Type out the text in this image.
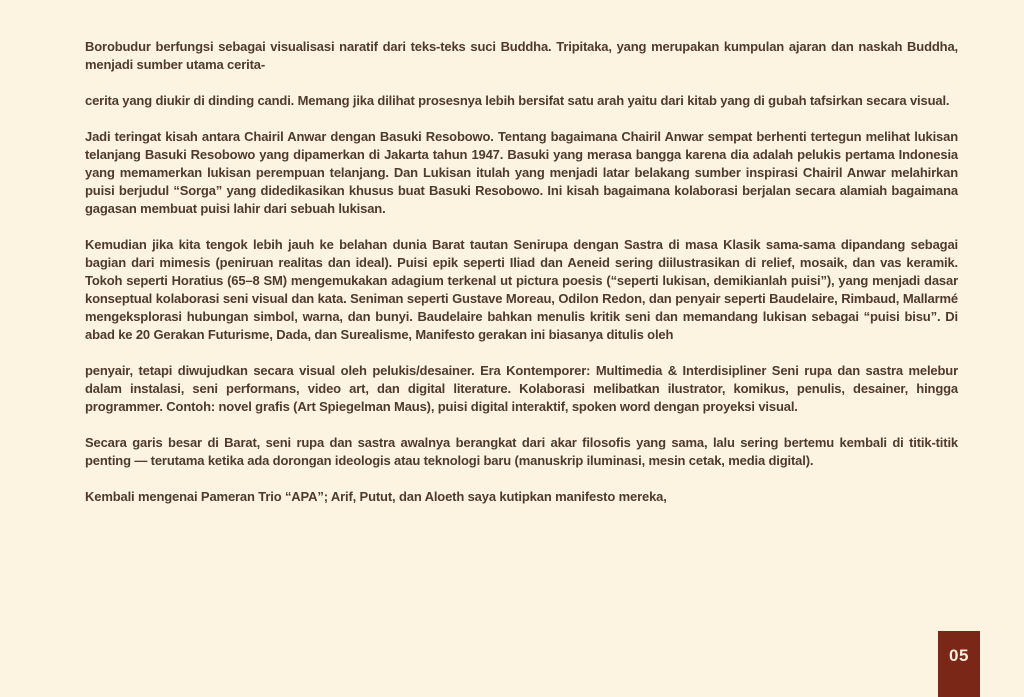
Borobudur berfungsi sebagai visualisasi naratif dari teks-teks suci Buddha. Tripitaka, yang merupakan kumpulan ajaran dan naskah Buddha, menjadi sumber utama cerita-

cerita yang diukir di dinding candi. Memang jika dilihat prosesnya lebih bersifat satu arah yaitu dari kitab yang di gubah tafsirkan secara visual.

Jadi teringat kisah antara Chairil Anwar dengan Basuki Resobowo. Tentang bagaimana Chairil Anwar sempat berhenti tertegun melihat lukisan telanjang Basuki Resobowo yang dipamerkan di Jakarta tahun 1947. Basuki yang merasa bangga karena dia adalah pelukis pertama Indonesia yang memamerkan lukisan perempuan telanjang. Dan Lukisan itulah yang menjadi latar belakang sumber inspirasi Chairil Anwar melahirkan puisi berjudul “Sorga” yang didedikasikan khusus buat Basuki Resobowo. Ini kisah bagaimana kolaborasi berjalan secara alamiah bagaimana gagasan membuat puisi lahir dari sebuah lukisan.

Kemudian jika kita tengok lebih jauh ke belahan dunia Barat tautan Senirupa dengan Sastra di masa Klasik sama-sama dipandang sebagai bagian dari mimesis (peniruan realitas dan ideal). Puisi epik seperti Iliad dan Aeneid sering diilustrasikan di relief, mosaik, dan vas keramik. Tokoh seperti Horatius (65–8 SM) mengemukakan adagium terkenal ut pictura poesis (“seperti lukisan, demikianlah puisi”), yang menjadi dasar konseptual kolaborasi seni visual dan kata. Seniman seperti Gustave Moreau, Odilon Redon, dan penyair seperti Baudelaire, Rimbaud, Mallarmé mengeksplorasi hubungan simbol, warna, dan bunyi. Baudelaire bahkan menulis kritik seni dan memandang lukisan sebagai “puisi bisu”. Di abad ke 20 Gerakan Futurisme, Dada, dan Surealisme, Manifesto gerakan ini biasanya ditulis oleh

penyair, tetapi diwujudkan secara visual oleh pelukis/desainer. Era Kontemporer: Multimedia & Interdisipliner Seni rupa dan sastra melebur dalam instalasi, seni performans, video art, dan digital literature. Kolaborasi melibatkan ilustrator, komikus, penulis, desainer, hingga programmer. Contoh: novel grafis (Art Spiegelman Maus), puisi digital interaktif, spoken word dengan proyeksi visual.

Secara garis besar di Barat, seni rupa dan sastra awalnya berangkat dari akar filosofis yang sama, lalu sering bertemu kembali di titik-titik penting — terutama ketika ada dorongan ideologis atau teknologi baru (manuskrip iluminasi, mesin cetak, media digital).

Kembali mengenai Pameran Trio “APA”; Arif, Putut, dan Aloeth saya kutipkan manifesto mereka,

05
